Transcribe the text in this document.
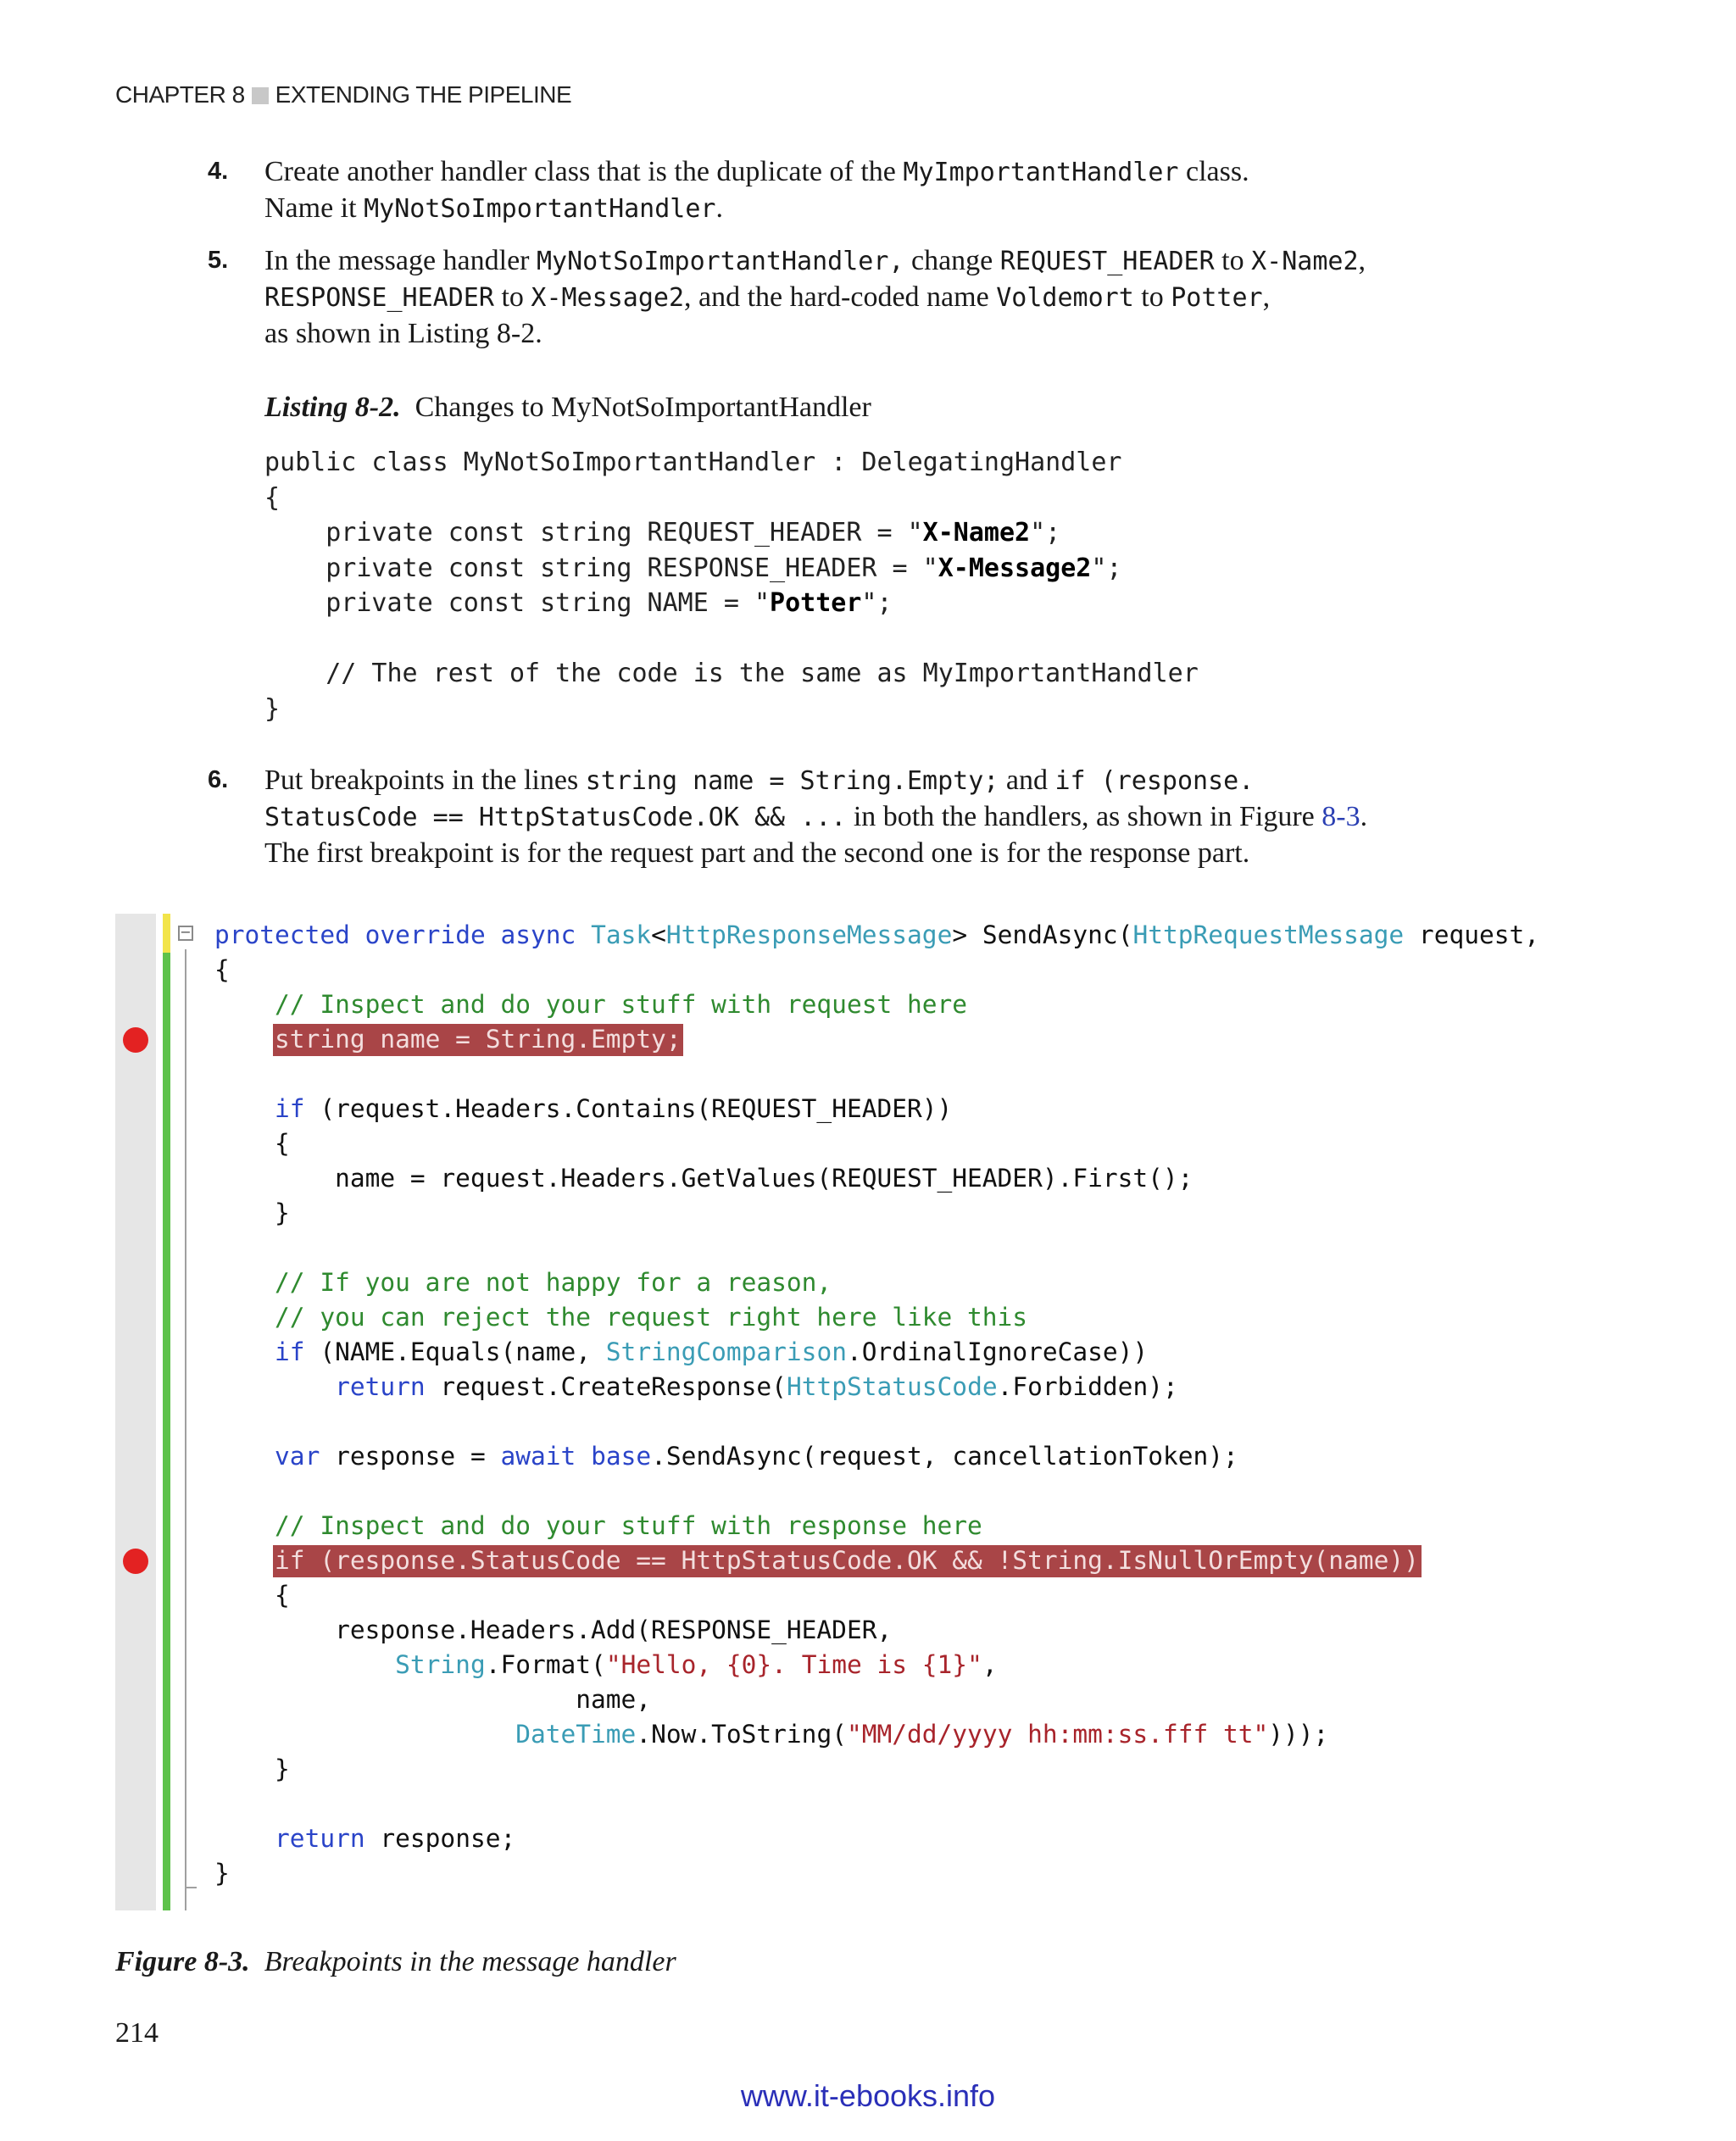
CHAPTER 8 EXTENDING THE PIPELINE
4. Create another handler class that is the duplicate of the MyImportantHandler class.
Name it MyNotSoImportantHandler.
5. In the message handler MyNotSoImportantHandler, change REQUEST_HEADER to X-Name2,
RESPONSE_HEADER to X-Message2, and the hard-coded name Voldemort to Potter,
as shown in Listing 8-2.
Listing 8-2. Changes to MyNotSoImportantHandler
public class MyNotSoImportantHandler : DelegatingHandler
{
private const string REQUEST_HEADER = "X-Name2";
private const string RESPONSE_HEADER = "X-Message2";
private const string NAME = "Potter";
// The rest of the code is the same as MyImportantHandler
}
6. Put breakpoints in the lines string name = String.Empty; and if (response.
StatusCode == HttpStatusCode.OK && ... in both the handlers, as shown in Figure 8-3.
The first breakpoint is for the request part and the second one is for the response part.
− protected override async Task<HttpResponseMessage> SendAsync(HttpRequestMessage request,
{
// Inspect and do your stuff with request here
string name = String.Empty;
if (request.Headers.Contains(REQUEST_HEADER))
{
name = request.Headers.GetValues(REQUEST_HEADER).First();
}
// If you are not happy for a reason,
// you can reject the request right here like this
if (NAME.Equals(name, StringComparison.OrdinalIgnoreCase))
return request.CreateResponse(HttpStatusCode.Forbidden);
var response = await base.SendAsync(request, cancellationToken);
// Inspect and do your stuff with response here
if (response.StatusCode == HttpStatusCode.OK && !String.IsNullOrEmpty(name))
{
response.Headers.Add(RESPONSE_HEADER,
String.Format("Hello, {0}. Time is {1}",
name,
DateTime.Now.ToString("MM/dd/yyyy hh:mm:ss.fff tt")));
}
return response;
}
Figure 8-3. Breakpoints in the message handler
214
www.it-ebooks.info
